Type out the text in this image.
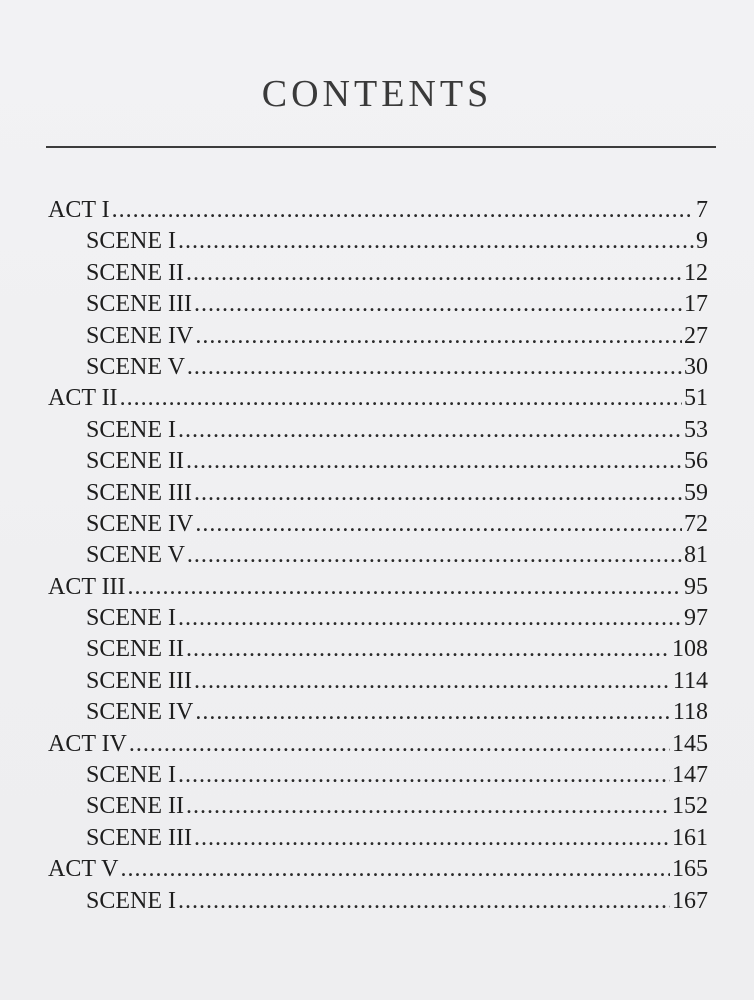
CONTENTS
ACT I .....	7
SCENE I .....	9
SCENE II .....	12
SCENE III .....	17
SCENE IV .....	27
SCENE V .....	30
ACT II .....	51
SCENE I .....	53
SCENE II .....	56
SCENE III .....	59
SCENE IV .....	72
SCENE V .....	81
ACT III .....	95
SCENE I .....	97
SCENE II .....	108
SCENE III .....	114
SCENE IV .....	118
ACT IV .....	145
SCENE I .....	147
SCENE II .....	152
SCENE III .....	161
ACT V .....	165
SCENE I .....	167
